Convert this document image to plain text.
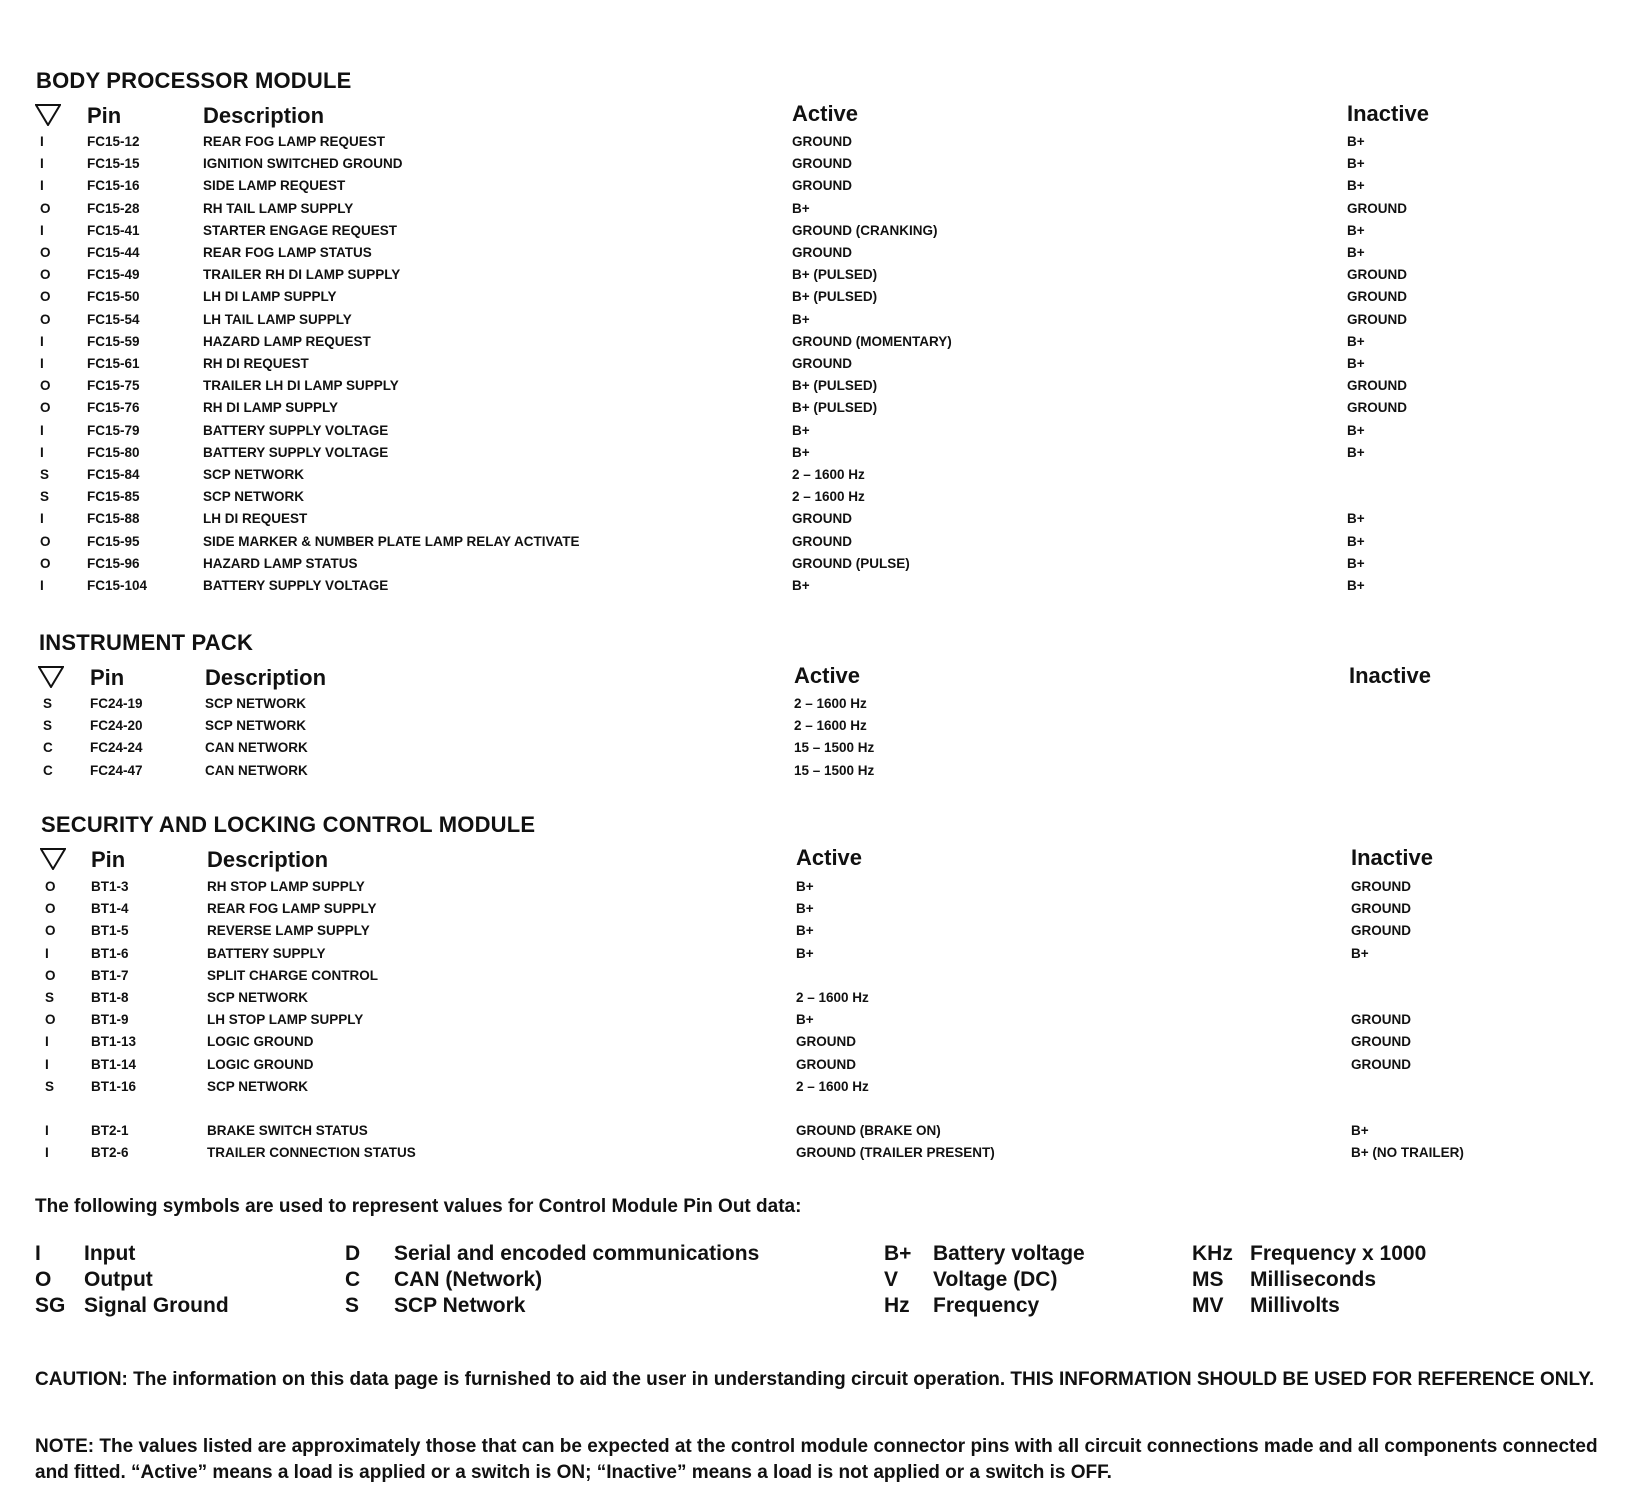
BODY PROCESSOR MODULE
Pin	Description	Active	Inactive
I	FC15-12	REAR FOG LAMP REQUEST	GROUND	B+
I	FC15-15	IGNITION SWITCHED GROUND	GROUND	B+
I	FC15-16	SIDE LAMP REQUEST	GROUND	B+
O	FC15-28	RH TAIL LAMP SUPPLY	B+	GROUND
I	FC15-41	STARTER ENGAGE REQUEST	GROUND (CRANKING)	B+
O	FC15-44	REAR FOG LAMP STATUS	GROUND	B+
O	FC15-49	TRAILER RH DI LAMP SUPPLY	B+ (PULSED)	GROUND
O	FC15-50	LH DI LAMP SUPPLY	B+ (PULSED)	GROUND
O	FC15-54	LH TAIL LAMP SUPPLY	B+	GROUND
I	FC15-59	HAZARD LAMP REQUEST	GROUND (MOMENTARY)	B+
I	FC15-61	RH DI REQUEST	GROUND	B+
O	FC15-75	TRAILER LH DI LAMP SUPPLY	B+ (PULSED)	GROUND
O	FC15-76	RH DI LAMP SUPPLY	B+ (PULSED)	GROUND
I	FC15-79	BATTERY SUPPLY VOLTAGE	B+	B+
I	FC15-80	BATTERY SUPPLY VOLTAGE	B+	B+
S	FC15-84	SCP NETWORK	2 – 1600 Hz
S	FC15-85	SCP NETWORK	2 – 1600 Hz
I	FC15-88	LH DI REQUEST	GROUND	B+
O	FC15-95	SIDE MARKER & NUMBER PLATE LAMP RELAY ACTIVATE	GROUND	B+
O	FC15-96	HAZARD LAMP STATUS	GROUND (PULSE)	B+
I	FC15-104	BATTERY SUPPLY VOLTAGE	B+	B+
INSTRUMENT PACK
Pin	Description	Active	Inactive
S	FC24-19	SCP NETWORK	2 – 1600 Hz
S	FC24-20	SCP NETWORK	2 – 1600 Hz
C	FC24-24	CAN NETWORK	15 – 1500 Hz
C	FC24-47	CAN NETWORK	15 – 1500 Hz
SECURITY AND LOCKING CONTROL MODULE
Pin	Description	Active	Inactive
O	BT1-3	RH STOP LAMP SUPPLY	B+	GROUND
O	BT1-4	REAR FOG LAMP SUPPLY	B+	GROUND
O	BT1-5	REVERSE LAMP SUPPLY	B+	GROUND
I	BT1-6	BATTERY SUPPLY	B+	B+
O	BT1-7	SPLIT CHARGE CONTROL
S	BT1-8	SCP NETWORK	2 – 1600 Hz
O	BT1-9	LH STOP LAMP SUPPLY	B+	GROUND
I	BT1-13	LOGIC GROUND	GROUND	GROUND
I	BT1-14	LOGIC GROUND	GROUND	GROUND
S	BT1-16	SCP NETWORK	2 – 1600 Hz
I	BT2-1	BRAKE SWITCH STATUS	GROUND (BRAKE ON)	B+
I	BT2-6	TRAILER CONNECTION STATUS	GROUND (TRAILER PRESENT)	B+ (NO TRAILER)
The following symbols are used to represent values for Control Module Pin Out data:
I Input
O Output
SG Signal Ground
D Serial and encoded communications
C CAN (Network)
S SCP Network
B+ Battery voltage
V Voltage (DC)
Hz Frequency
KHz Frequency x 1000
MS Milliseconds
MV Millivolts
CAUTION: The information on this data page is furnished to aid the user in understanding circuit operation. THIS INFORMATION SHOULD BE USED FOR REFERENCE ONLY.
NOTE: The values listed are approximately those that can be expected at the control module connector pins with all circuit connections made and all components connected and fitted. “Active” means a load is applied or a switch is ON; “Inactive” means a load is not applied or a switch is OFF.
